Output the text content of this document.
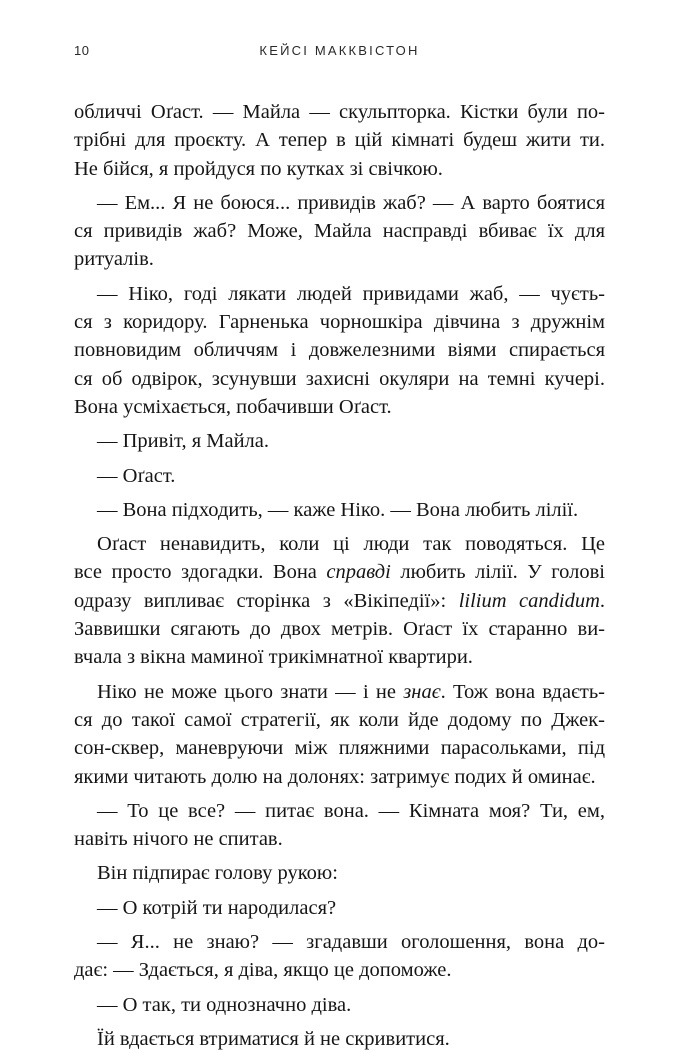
10	КЕЙСІ МАККВІСТОН
обличчі Оґаст. — Майла — скульпторка. Кістки були по-
трібні для проєкту. А тепер в цій кімнаті будеш жити ти.
Не бійся, я пройдуся по кутках зі свічкою.
— Ем... Я не боюся... привидів жаб? — А варто боятися
ся привидів жаб? Може, Майла насправді вбиває їх для
ритуалів.
— Ніко, годі лякати людей привидами жаб, — чуєть-
ся з коридору. Гарненька чорношкіра дівчина з дружнім
повновидим обличчям і довжелезними віями спирається
ся об одвірок, зсунувши захисні окуляри на темні кучері.
Вона усміхається, побачивши Оґаст.
— Привіт, я Майла.
— Оґаст.
— Вона підходить, — каже Ніко. — Вона любить лілії.
Оґаст ненавидить, коли ці люди так поводяться. Це
все просто здогадки. Вона справді любить лілії. У голові
одразу випливає сторінка з «Вікіпедії»: lilium candidum.
Заввишки сягають до двох метрів. Оґаст їх старанно ви-
вчала з вікна маминої трикімнатної квартири.
Ніко не може цього знати — і не знає. Тож вона вдаєть-
ся до такої самої стратегії, як коли йде додому по Джек-
сон-сквер, маневруючи між пляжними парасольками, під
якими читають долю на долонях: затримує подих й оминає.
— То це все? — питає вона. — Кімната моя? Ти, ем,
навіть нічого не спитав.
Він підпирає голову рукою:
— О котрій ти народилася?
— Я... не знаю? — згадавши оголошення, вона до-
дає: — Здається, я діва, якщо це допоможе.
— О так, ти однозначно діва.
Їй вдається втриматися й не скривитися.
